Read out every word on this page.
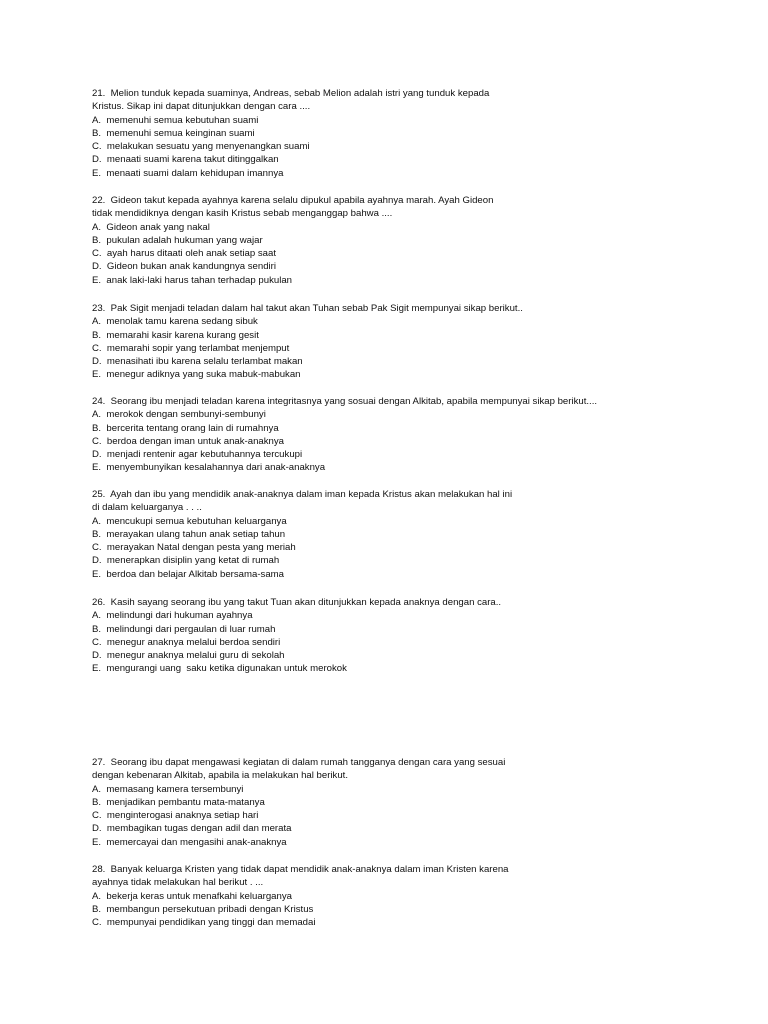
21.  Melion tunduk kepada suaminya, Andreas, sebab Melion adalah istri yang tunduk kepada

Kristus. Sikap ini dapat ditunjukkan dengan cara ....

A.  memenuhi semua kebutuhan suami

B.  memenuhi semua keinginan suami

C.  melakukan sesuatu yang menyenangkan suami

D.  menaati suami karena takut ditinggalkan

E.  menaati suami dalam kehidupan imannya

22.  Gideon takut kepada ayahnya karena selalu dipukul apabila ayahnya marah. Ayah Gideon

tidak mendidiknya dengan kasih Kristus sebab menganggap bahwa ....

A.  Gideon anak yang nakal

B.  pukulan adalah hukuman yang wajar

C.  ayah harus ditaati oleh anak setiap saat

D.  Gideon bukan anak kandungnya sendiri

E.  anak laki-laki harus tahan terhadap pukulan

23.  Pak Sigit menjadi teladan dalam hal takut akan Tuhan sebab Pak Sigit mempunyai sikap berikut..

A.  menolak tamu karena sedang sibuk

B.  memarahi kasir karena kurang gesit

C.  memarahi sopir yang terlambat menjemput

D.  menasihati ibu karena selalu terlambat makan

E.  menegur adiknya yang suka mabuk-mabukan

24.  Seorang ibu menjadi teladan karena integritasnya yang sosuai dengan Alkitab, apabila mempunyai sikap berikut....

A.  merokok dengan sembunyi-sembunyi

B.  bercerita tentang orang lain di rumahnya

C.  berdoa dengan iman untuk anak-anaknya

D.  menjadi rentenir agar kebutuhannya tercukupi

E.  menyembunyikan kesalahannya dari anak-anaknya

25.  Ayah dan ibu yang mendidik anak-anaknya dalam iman kepada Kristus akan melakukan hal ini

di dalam keluarganya . . ..

A.  mencukupi semua kebutuhan keluarganya

B.  merayakan ulang tahun anak setiap tahun

C.  merayakan Natal dengan pesta yang meriah

D.  menerapkan disiplin yang ketat di rumah

E.  berdoa dan belajar Alkitab bersama-sama

26.  Kasih sayang seorang ibu yang takut Tuan akan ditunjukkan kepada anaknya dengan cara..

A.  melindungi dari hukuman ayahnya

B.  melindungi dari pergaulan di luar rumah

C.  menegur anaknya melalui berdoa sendiri

D.  menegur anaknya melalui guru di sekolah

E.  mengurangi uang  saku ketika digunakan untuk merokok

27.  Seorang ibu dapat mengawasi kegiatan di dalam rumah tangganya dengan cara yang sesuai

dengan kebenaran Alkitab, apabila ia melakukan hal berikut.

A.  memasang kamera tersembunyi

B.  menjadikan pembantu mata-matanya

C.  menginterogasi anaknya setiap hari

D.  membagikan tugas dengan adil dan merata

E.  memercayai dan mengasihi anak-anaknya

28.  Banyak keluarga Kristen yang tidak dapat mendidik anak-anaknya dalam iman Kristen karena

ayahnya tidak melakukan hal berikut . ...

A.  bekerja keras untuk menafkahi keluarganya

B.  membangun persekutuan pribadi dengan Kristus

C.  mempunyai pendidikan yang tinggi dan memadai
